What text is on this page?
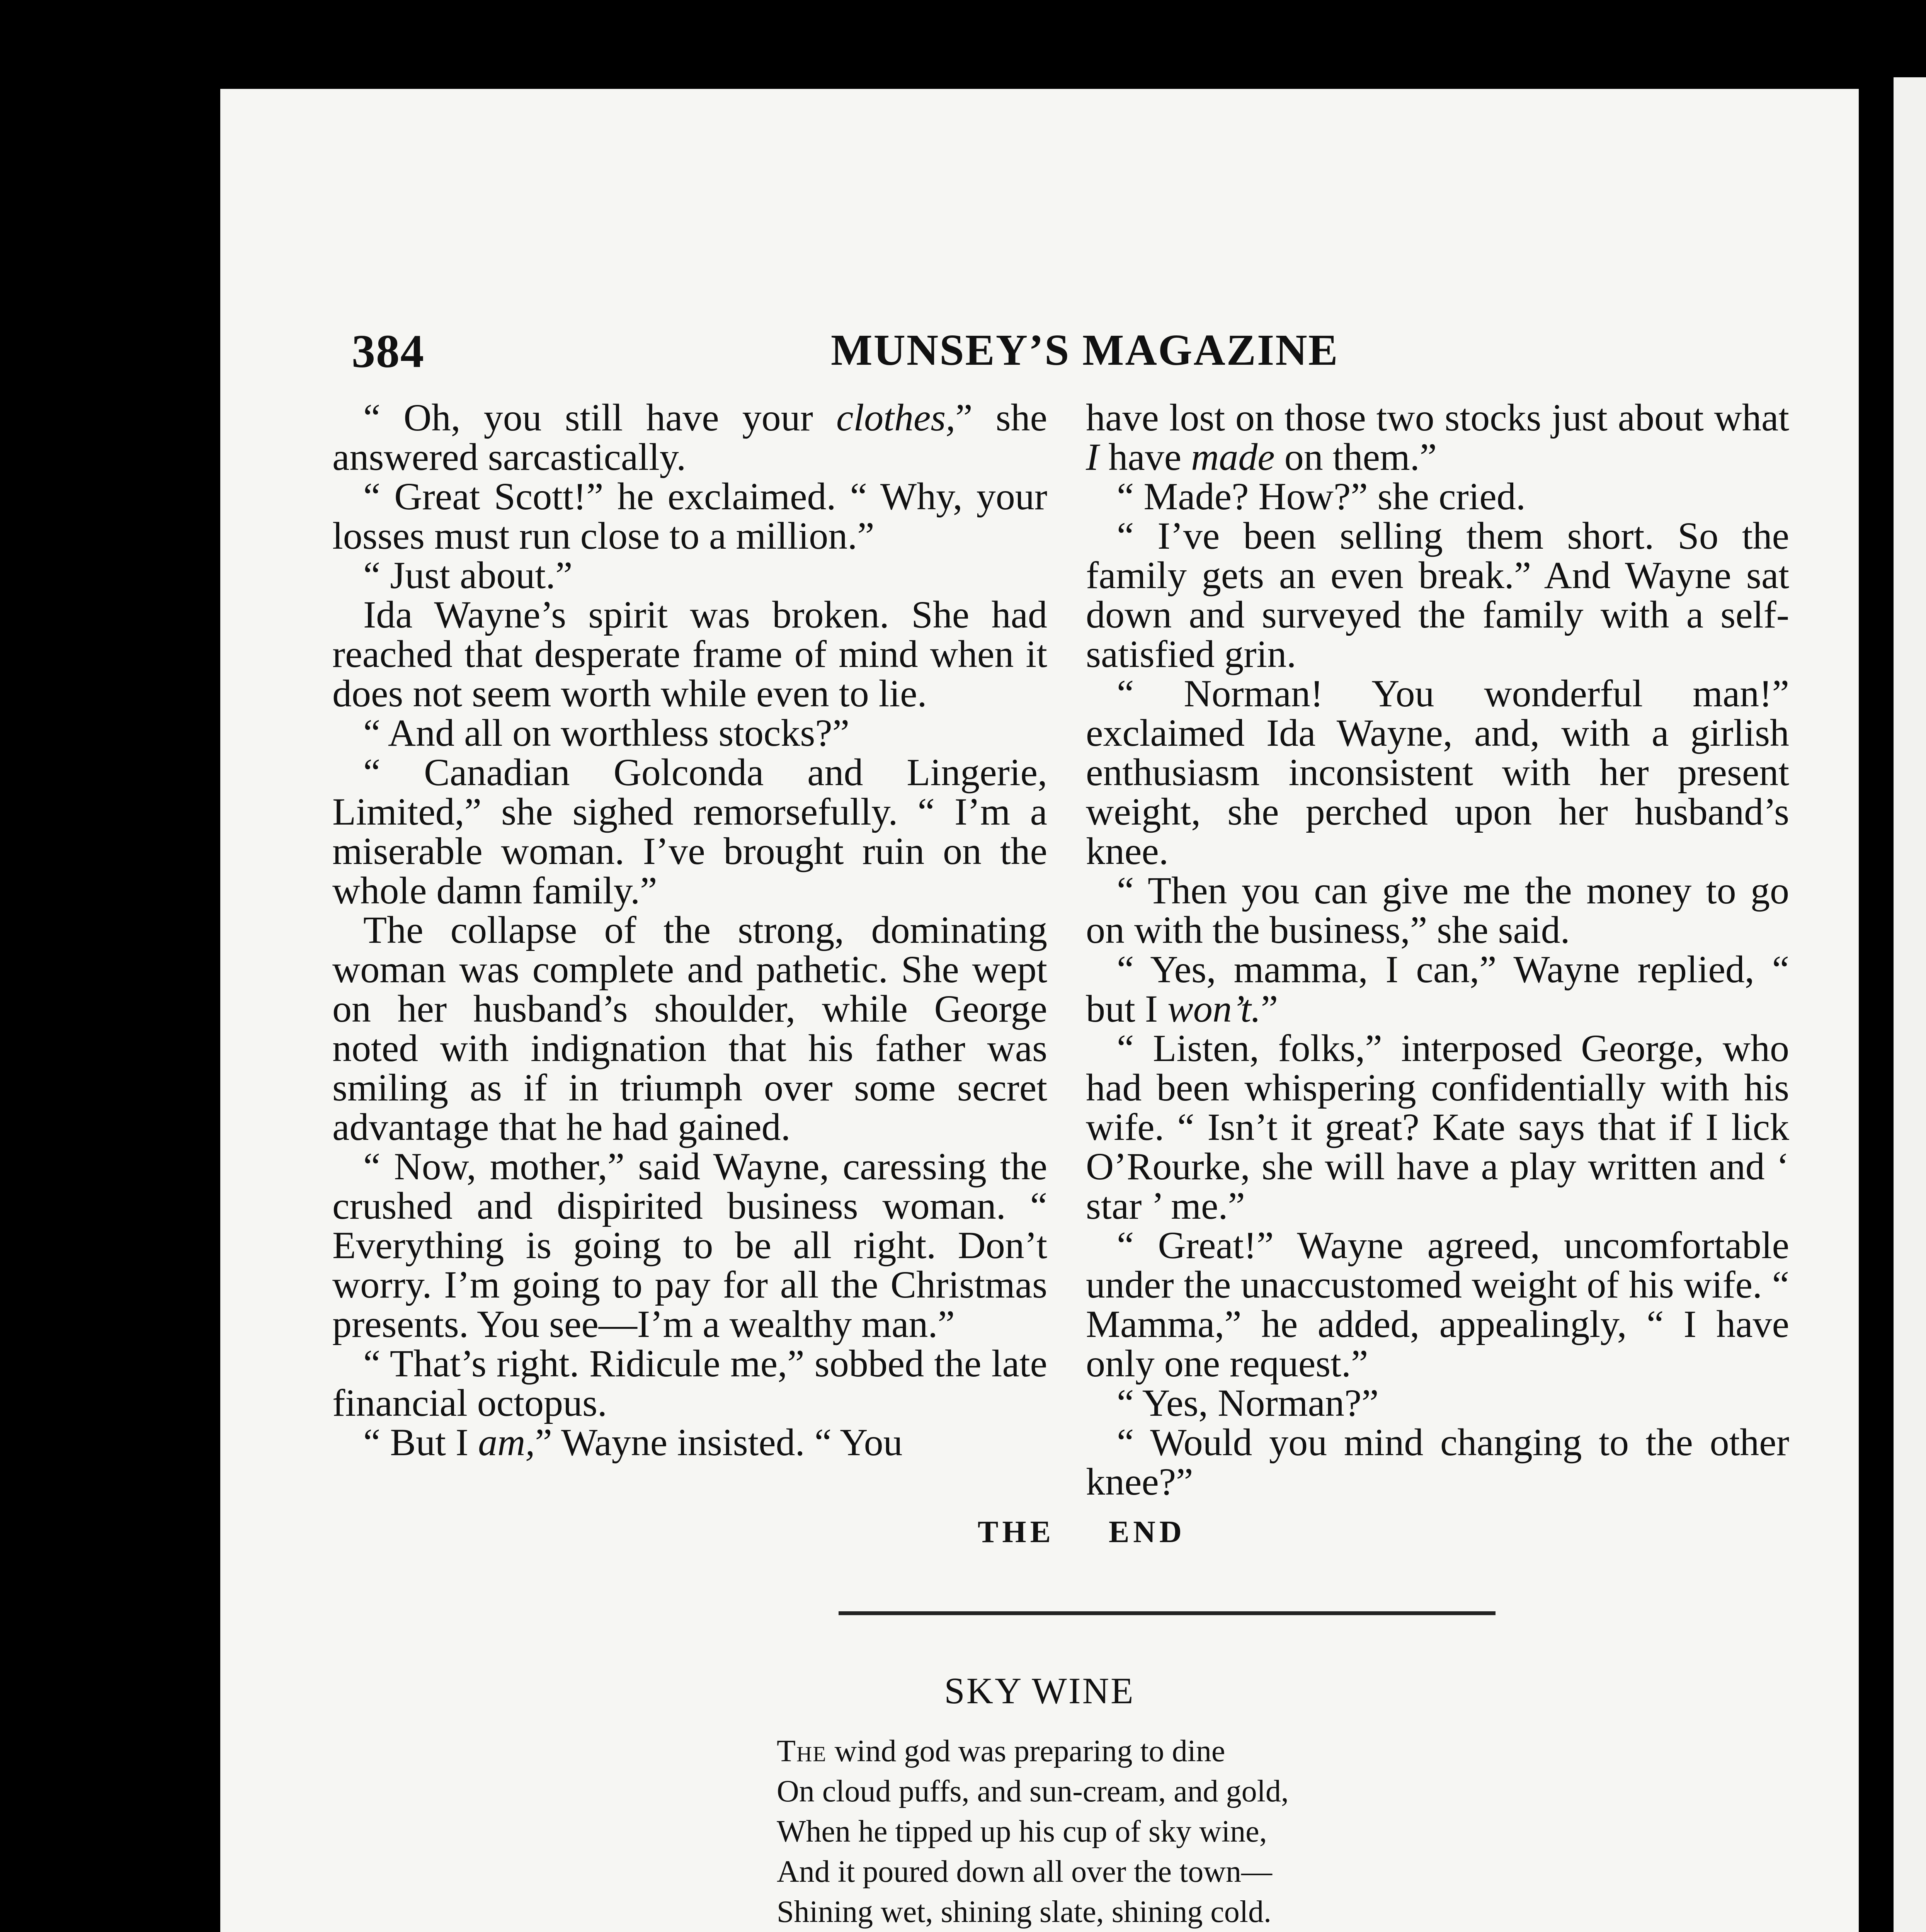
384	MUNSEY’S MAGAZINE

“ Oh, you still have your clothes,” she answered sarcastically.

“ Great Scott!” he exclaimed. “ Why, your losses must run close to a million.”

“ Just about.”

Ida Wayne’s spirit was broken. She had reached that desperate frame of mind when it does not seem worth while even to lie.

“ And all on worthless stocks?”

“ Canadian Golconda and Lingerie, Limited,” she sighed remorsefully. “ I’m a miserable woman. I’ve brought ruin on the whole damn family.”

The collapse of the strong, dominating woman was complete and pathetic. She wept on her husband’s shoulder, while George noted with indignation that his father was smiling as if in triumph over some secret advantage that he had gained.

“ Now, mother,” said Wayne, caressing the crushed and dispirited business woman. “ Everything is going to be all right. Don’t worry. I’m going to pay for all the Christmas presents. You see—I’m a wealthy man.”

“ That’s right. Ridicule me,” sobbed the late financial octopus.

“ But I am,” Wayne insisted. “ You

have lost on those two stocks just about what I have made on them.”

“ Made? How?” she cried.

“ I’ve been selling them short. So the family gets an even break.” And Wayne sat down and surveyed the family with a self-satisfied grin.

“ Norman! You wonderful man!” exclaimed Ida Wayne, and, with a girlish enthusiasm inconsistent with her present weight, she perched upon her husband’s knee.

“ Then you can give me the money to go on with the business,” she said.

“ Yes, mamma, I can,” Wayne replied, “ but I won’t.”

“ Listen, folks,” interposed George, who had been whispering confidentially with his wife. “ Isn’t it great? Kate says that if I lick O’Rourke, she will have a play written and ‘ star ’ me.”

“ Great!” Wayne agreed, uncomfortable under the unaccustomed weight of his wife. “ Mamma,” he added, appealingly, “ I have only one request.”

“ Yes, Norman?”

“ Would you mind changing to the other knee?”

THE END
SKY WINE
The wind god was preparing to dine
On cloud puffs, and sun-cream, and gold,
When he tipped up his cup of sky wine,
And it poured down all over the town—
Shining wet, shining slate, shining cold.
